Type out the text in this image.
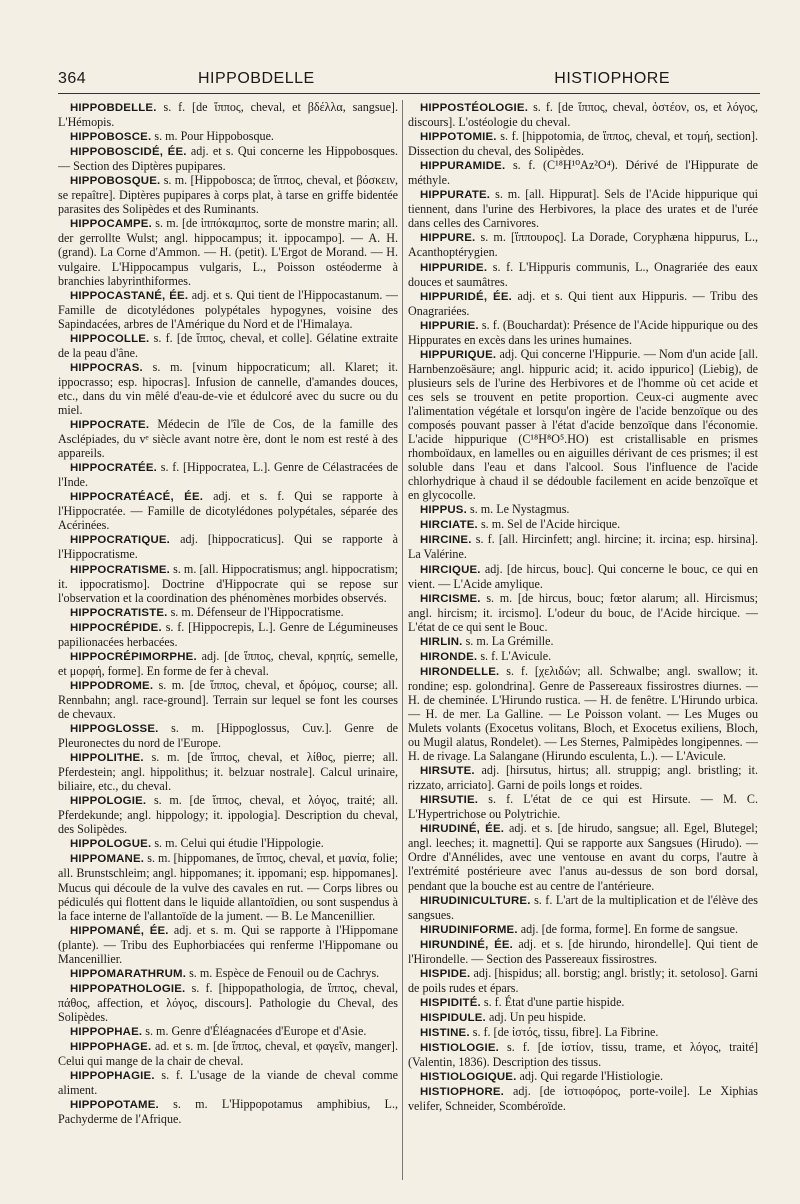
364	HIPPOBDELLE	HISTIOPHORE

HIPPOBDELLE. s. f. [de ἵππος, cheval, et βδέλλα, sangsue]. L'Hémopis.

HIPPOBOSCE. s. m. Pour Hippobosque.

HIPPOBOSCIDÉ, ÉE. adj. et s. Qui concerne les Hippobosques. — Section des Diptères pupipares.

HIPPOBOSQUE. s. m. [Hippobosca; de ἵππος, cheval, et βόσκειν, se repaître]. Diptères pupipares à corps plat, à tarse en griffe bidentée parasites des Solipèdes et des Ruminants.

HIPPOCAMPE. s. m. [de ἱππόκαμπος, sorte de monstre marin; all. der gerrollte Wulst; angl. hippocampus; it. ippocampo]. — A. H. (grand). La Corne d'Ammon. — H. (petit). L'Ergot de Morand. — H. vulgaire. L'Hippocampus vulgaris, L., Poisson ostéoderme à branchies labyrinthiformes.

HIPPOCASTANÉ, ÉE. adj. et s. Qui tient de l'Hippocastanum. — Famille de dicotylédones polypétales hypogynes, voisine des Sapindacées, arbres de l'Amérique du Nord et de l'Himalaya.

HIPPOCOLLE. s. f. [de ἵππος, cheval, et colle]. Gélatine extraite de la peau d'âne.

HIPPOCRAS. s. m. [vinum hippocraticum; all. Klaret; it. ippocrasso; esp. hipocras]. Infusion de cannelle, d'amandes douces, etc., dans du vin mêlé d'eau-de-vie et édulcoré avec du sucre ou du miel.

HIPPOCRATE. Médecin de l'île de Cos, de la famille des Asclépiades, du vᵉ siècle avant notre ère, dont le nom est resté à des appareils.

HIPPOCRATÉE. s. f. [Hippocratea, L.]. Genre de Célastracées de l'Inde.

HIPPOCRATÉACÉ, ÉE. adj. et s. f. Qui se rapporte à l'Hippocratée. — Famille de dicotylédones polypétales, séparée des Acérinées.

HIPPOCRATIQUE. adj. [hippocraticus]. Qui se rapporte à l'Hippocratisme.

HIPPOCRATISME. s. m. [all. Hippocratismus; angl. hippocratism; it. ippocratismo]. Doctrine d'Hippocrate qui se repose sur l'observation et la coordination des phénomènes morbides observés.

HIPPOCRATISTE. s. m. Défenseur de l'Hippocratisme.

HIPPOCRÉPIDE. s. f. [Hippocrepis, L.]. Genre de Légumineuses papilionacées herbacées.

HIPPOCRÉPIMORPHE. adj. [de ἵππος, cheval, κρηπίς, semelle, et μορφή, forme]. En forme de fer à cheval.

HIPPODROME. s. m. [de ἵππος, cheval, et δρόμος, course; all. Rennbahn; angl. race-ground]. Terrain sur lequel se font les courses de chevaux.

HIPPOGLOSSE. s. m. [Hippoglossus, Cuv.]. Genre de Pleuronectes du nord de l'Europe.

HIPPOLITHE. s. m. [de ἵππος, cheval, et λίθος, pierre; all. Pferdestein; angl. hippolithus; it. belzuar nostrale]. Calcul urinaire, biliaire, etc., du cheval.

HIPPOLOGIE. s. m. [de ἵππος, cheval, et λόγος, traité; all. Pferdekunde; angl. hippology; it. ippologia]. Description du cheval, des Solipèdes.

HIPPOLOGUE. s. m. Celui qui étudie l'Hippologie.

HIPPOMANE. s. m. [hippomanes, de ἵππος, cheval, et μανία, folie; all. Brunstschleim; angl. hippomanes; it. ippomani; esp. hippomanes]. Mucus qui découle de la vulve des cavales en rut. — Corps libres ou pédiculés qui flottent dans le liquide allantoïdien, ou sont suspendus à la face interne de l'allantoïde de la jument. — B. Le Mancenillier.

HIPPOMANÉ, ÉE. adj. et s. m. Qui se rapporte à l'Hippomane (plante). — Tribu des Euphorbiacées qui renferme l'Hippomane ou Mancenillier.

HIPPOMARATHRUM. s. m. Espèce de Fenouil ou de Cachrys.

HIPPOPATHOLOGIE. s. f. [hippopathologia, de ἵππος, cheval, πάθος, affection, et λόγος, discours]. Pathologie du Cheval, des Solipèdes.

HIPPOPHAE. s. m. Genre d'Éléagnacées d'Europe et d'Asie.

HIPPOPHAGE. ad. et s. m. [de ἵππος, cheval, et φαγεῖν, manger]. Celui qui mange de la chair de cheval.

HIPPOPHAGIE. s. f. L'usage de la viande de cheval comme aliment.

HIPPOPOTAME. s. m. L'Hippopotamus amphibius, L., Pachyderme de l'Afrique.

HIPPOSTÉOLOGIE. s. f. [de ἵππος, cheval, ὀστέον, os, et λόγος, discours]. L'ostéologie du cheval.

HIPPOTOMIE. s. f. [hippotomia, de ἵππος, cheval, et τομή, section]. Dissection du cheval, des Solipèdes.

HIPPURAMIDE. s. f. (C¹⁸H¹⁰Az²O⁴). Dérivé de l'Hippurate de méthyle.

HIPPURATE. s. m. [all. Hippurat]. Sels de l'Acide hippurique qui tiennent, dans l'urine des Herbivores, la place des urates et de l'urée dans celles des Carnivores.

HIPPURE. s. m. [ἵππουρος]. La Dorade, Coryphæna hippurus, L., Acanthoptérygien.

HIPPURIDE. s. f. L'Hippuris communis, L., Onagrariée des eaux douces et saumâtres.

HIPPURIDÉ, ÉE. adj. et s. Qui tient aux Hippuris. — Tribu des Onagrariées.

HIPPURIE. s. f. (Bouchardat): Présence de l'Acide hippurique ou des Hippurates en excès dans les urines humaines.

HIPPURIQUE. adj. Qui concerne l'Hippurie. — Nom d'un acide [all. Harnbenzoësäure; angl. hippuric acid; it. acido ippurico] (Liebig), de plusieurs sels de l'urine des Herbivores et de l'homme où cet acide et ces sels se trouvent en petite proportion. Ceux-ci augmente avec l'alimentation végétale et lorsqu'on ingère de l'acide benzoïque ou des composés pouvant passer à l'état d'acide benzoïque dans l'économie. L'acide hippurique (C¹⁸H⁸O⁵.HO) est cristallisable en prismes rhomboïdaux, en lamelles ou en aiguilles dérivant de ces prismes; il est soluble dans l'eau et dans l'alcool. Sous l'influence de l'acide chlorhydrique à chaud il se dédouble facilement en acide benzoïque et en glycocolle.

HIPPUS. s. m. Le Nystagmus.

HIRCIATE. s. m. Sel de l'Acide hircique.

HIRCINE. s. f. [all. Hircinfett; angl. hircine; it. ircina; esp. hirsina]. La Valérine.

HIRCIQUE. adj. [de hircus, bouc]. Qui concerne le bouc, ce qui en vient. — L'Acide amylique.

HIRCISME. s. m. [de hircus, bouc; fœtor alarum; all. Hircismus; angl. hircism; it. ircismo]. L'odeur du bouc, de l'Acide hircique. — L'état de ce qui sent le Bouc.

HIRLIN. s. m. La Grémille.

HIRONDE. s. f. L'Avicule.

HIRONDELLE. s. f. [χελιδών; all. Schwalbe; angl. swallow; it. rondine; esp. golondrina]. Genre de Passereaux fissirostres diurnes. — H. de cheminée. L'Hirundo rustica. — H. de fenêtre. L'Hirundo urbica. — H. de mer. La Galline. — Le Poisson volant. — Les Muges ou Mulets volants (Exocetus volitans, Bloch, et Exocetus exiliens, Bloch, ou Mugil alatus, Rondelet). — Les Sternes, Palmipèdes longipennes. — H. de rivage. La Salangane (Hirundo esculenta, L.). — L'Avicule.

HIRSUTE. adj. [hirsutus, hirtus; all. struppig; angl. bristling; it. rizzato, arriciato]. Garni de poils longs et roides.

HIRSUTIE. s. f. L'état de ce qui est Hirsute. — M. C. L'Hypertrichose ou Polytrichie.

HIRUDINÉ, ÉE. adj. et s. [de hirudo, sangsue; all. Egel, Blutegel; angl. leeches; it. magnetti]. Qui se rapporte aux Sangsues (Hirudo). — Ordre d'Annélides, avec une ventouse en avant du corps, l'autre à l'extrémité postérieure avec l'anus au-dessus de son bord dorsal, pendant que la bouche est au centre de l'antérieure.

HIRUDINICULTURE. s. f. L'art de la multiplication et de l'élève des sangsues.

HIRUDINIFORME. adj. [de forma, forme]. En forme de sangsue.

HIRUNDINÉ, ÉE. adj. et s. [de hirundo, hirondelle]. Qui tient de l'Hirondelle. — Section des Passereaux fissirostres.

HISPIDE. adj. [hispidus; all. borstig; angl. bristly; it. setoloso]. Garni de poils rudes et épars.

HISPIDITÉ. s. f. État d'une partie hispide.

HISPIDULE. adj. Un peu hispide.

HISTINE. s. f. [de ἱστός, tissu, fibre]. La Fibrine.

HISTIOLOGIE. s. f. [de ἱστίον, tissu, trame, et λόγος, traité] (Valentin, 1836). Description des tissus.

HISTIOLOGIQUE. adj. Qui regarde l'Histiologie.

HISTIOPHORE. adj. [de ἱστιοφόρος, porte-voile]. Le Xiphias velifer, Schneider, Scombéroïde.
